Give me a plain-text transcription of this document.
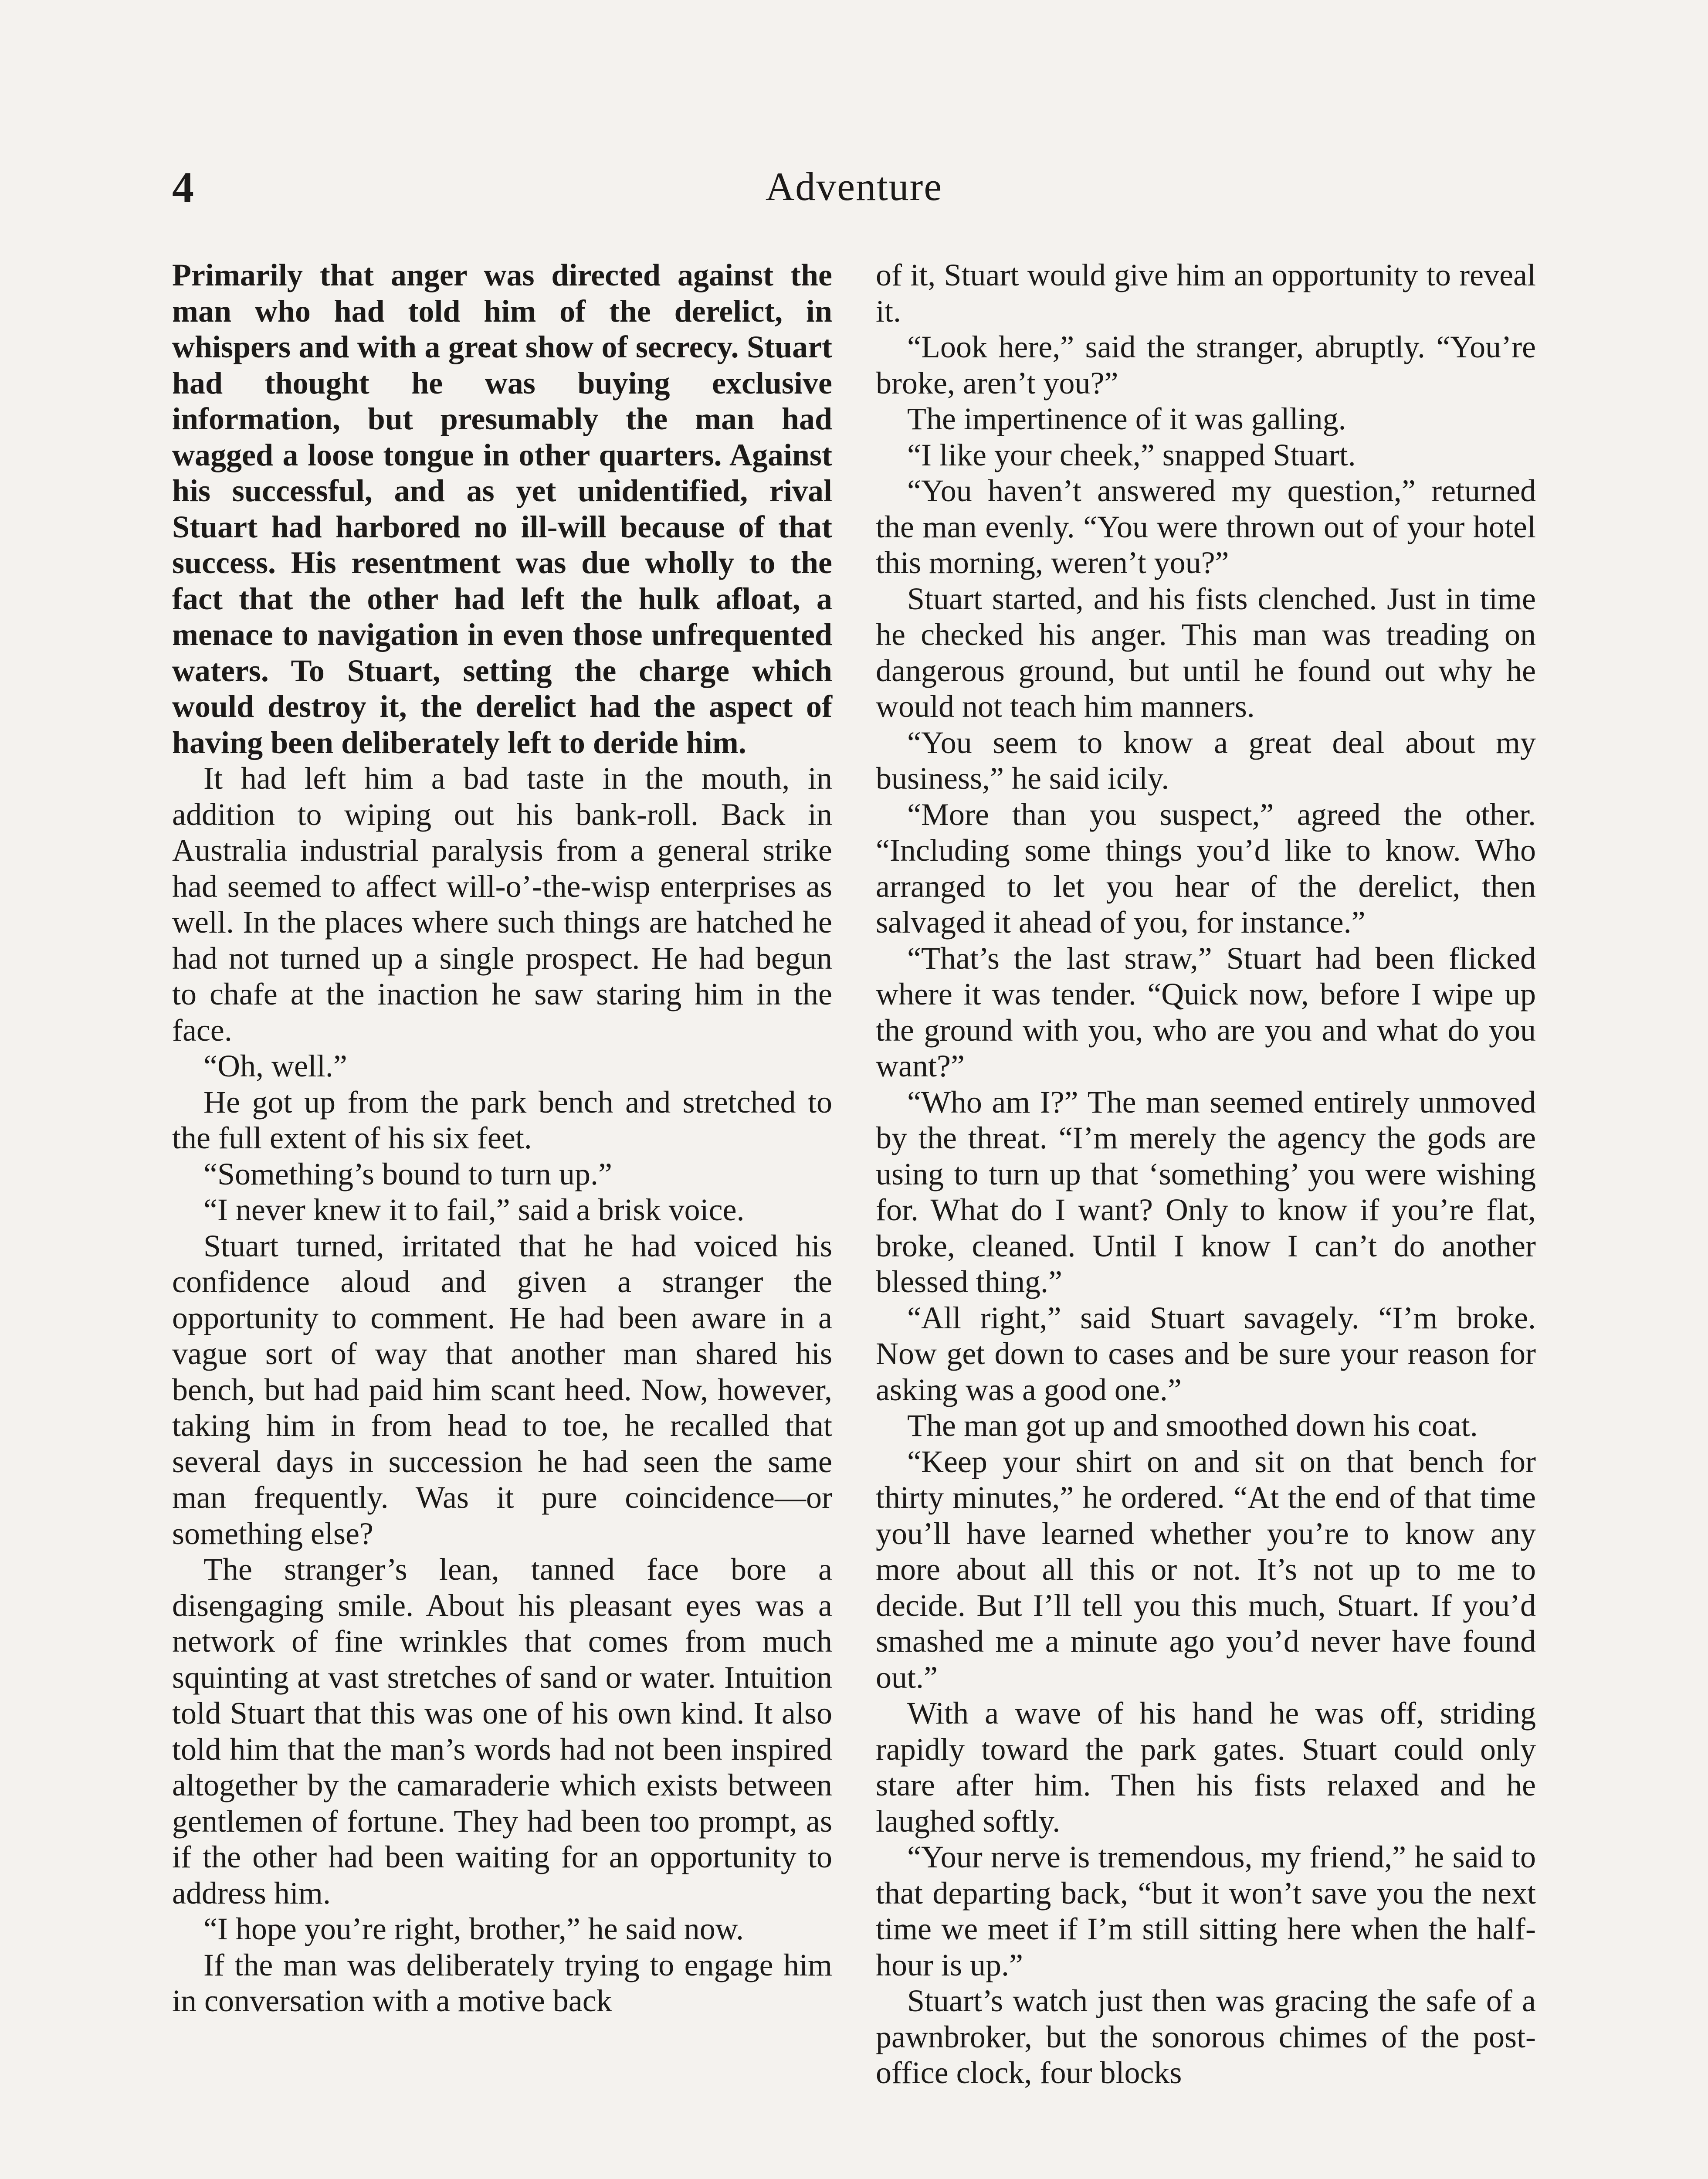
4	Adventure

Primarily that anger was directed against the man who had told him of the derelict, in whispers and with a great show of secrecy. Stuart had thought he was buying exclusive information, but presumably the man had wagged a loose tongue in other quarters. Against his successful, and as yet unidentified, rival Stuart had harbored no ill-will because of that success. His resentment was due wholly to the fact that the other had left the hulk afloat, a menace to navigation in even those unfrequented waters. To Stuart, setting the charge which would destroy it, the derelict had the aspect of having been deliberately left to deride him.

It had left him a bad taste in the mouth, in addition to wiping out his bank-roll. Back in Australia industrial paralysis from a general strike had seemed to affect will-o’-the-wisp enterprises as well. In the places where such things are hatched he had not turned up a single prospect. He had begun to chafe at the inaction he saw staring him in the face.

“Oh, well.”

He got up from the park bench and stretched to the full extent of his six feet.

“Something’s bound to turn up.”

“I never knew it to fail,” said a brisk voice.

Stuart turned, irritated that he had voiced his confidence aloud and given a stranger the opportunity to comment. He had been aware in a vague sort of way that another man shared his bench, but had paid him scant heed. Now, however, taking him in from head to toe, he recalled that several days in succession he had seen the same man frequently. Was it pure coincidence—or something else?

The stranger’s lean, tanned face bore a disengaging smile. About his pleasant eyes was a network of fine wrinkles that comes from much squinting at vast stretches of sand or water. Intuition told Stuart that this was one of his own kind. It also told him that the man’s words had not been inspired altogether by the camaraderie which exists between gentlemen of fortune. They had been too prompt, as if the other had been waiting for an opportunity to address him.

“I hope you’re right, brother,” he said now.

If the man was deliberately trying to engage him in conversation with a motive back

of it, Stuart would give him an opportunity to reveal it.

“Look here,” said the stranger, abruptly. “You’re broke, aren’t you?”

The impertinence of it was galling.

“I like your cheek,” snapped Stuart.

“You haven’t answered my question,” returned the man evenly. “You were thrown out of your hotel this morning, weren’t you?”

Stuart started, and his fists clenched. Just in time he checked his anger. This man was treading on dangerous ground, but until he found out why he would not teach him manners.

“You seem to know a great deal about my business,” he said icily.

“More than you suspect,” agreed the other. “Including some things you’d like to know. Who arranged to let you hear of the derelict, then salvaged it ahead of you, for instance.”

“That’s the last straw,” Stuart had been flicked where it was tender. “Quick now, before I wipe up the ground with you, who are you and what do you want?”

“Who am I?” The man seemed entirely unmoved by the threat. “I’m merely the agency the gods are using to turn up that ‘something’ you were wishing for. What do I want? Only to know if you’re flat, broke, cleaned. Until I know I can’t do another blessed thing.”

“All right,” said Stuart savagely. “I’m broke. Now get down to cases and be sure your reason for asking was a good one.”

The man got up and smoothed down his coat.

“Keep your shirt on and sit on that bench for thirty minutes,” he ordered. “At the end of that time you’ll have learned whether you’re to know any more about all this or not. It’s not up to me to decide. But I’ll tell you this much, Stuart. If you’d smashed me a minute ago you’d never have found out.”

With a wave of his hand he was off, striding rapidly toward the park gates. Stuart could only stare after him. Then his fists relaxed and he laughed softly.

“Your nerve is tremendous, my friend,” he said to that departing back, “but it won’t save you the next time we meet if I’m still sitting here when the half-hour is up.”

Stuart’s watch just then was gracing the safe of a pawnbroker, but the sonorous chimes of the post-office clock, four blocks
